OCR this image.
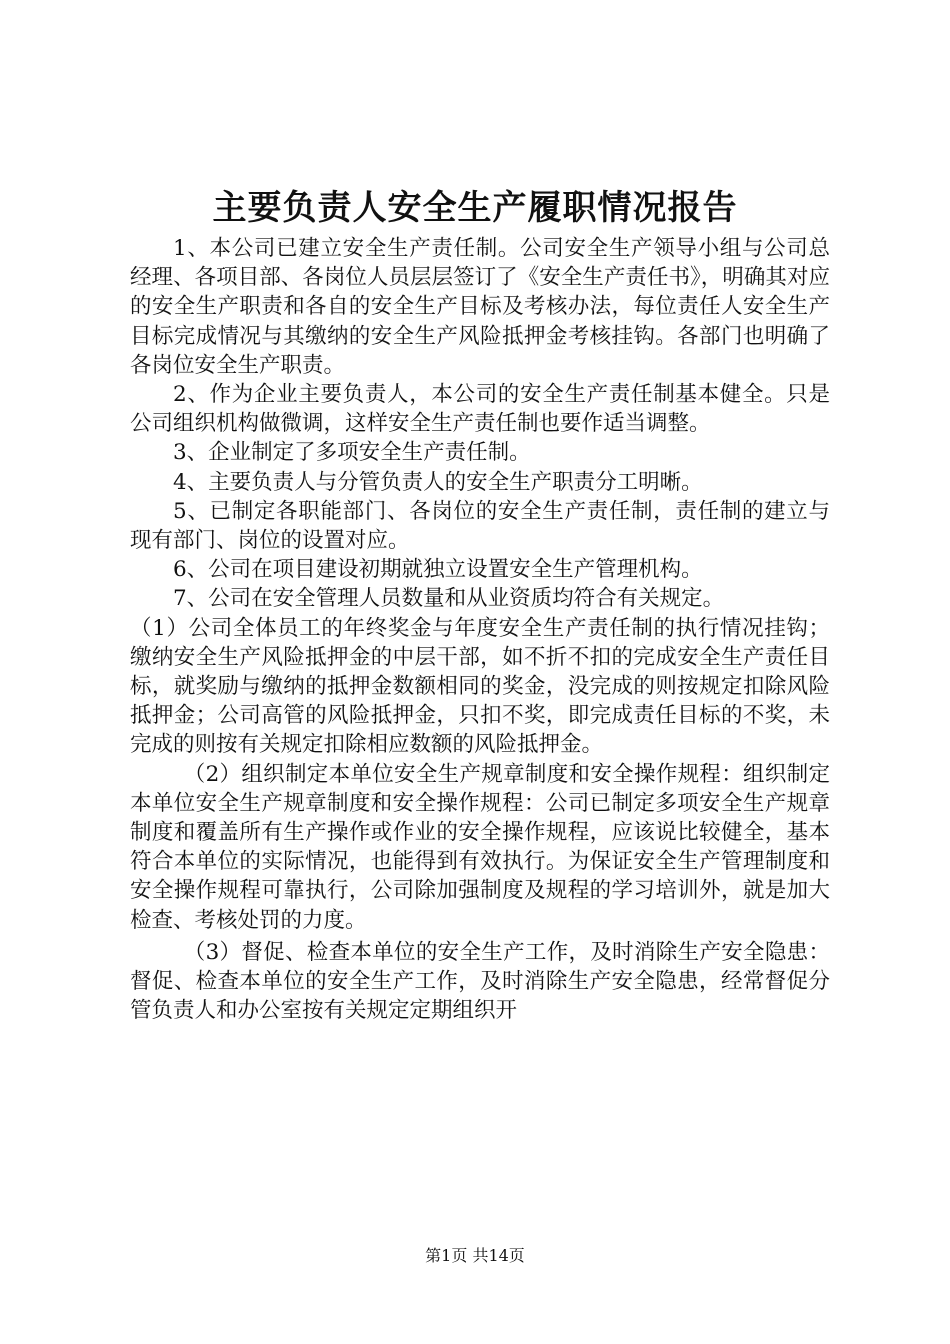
主要负责人安全生产履职情况报告

1、本公司已建立安全生产责任制。公司安全生产领导小组与公司总经理、各项目部、各岗位人员层层签订了《安全生产责任书》，明确其对应的安全生产职责和各自的安全生产目标及考核办法，每位责任人安全生产目标完成情况与其缴纳的安全生产风险抵押金考核挂钩。各部门也明确了各岗位安全生产职责。

2、作为企业主要负责人，本公司的安全生产责任制基本健全。只是公司组织机构做微调，这样安全生产责任制也要作适当调整。

3、企业制定了多项安全生产责任制。

4、主要负责人与分管负责人的安全生产职责分工明晰。

5、已制定各职能部门、各岗位的安全生产责任制，责任制的建立与现有部门、岗位的设置对应。

6、公司在项目建设初期就独立设置安全生产管理机构。

7、公司在安全管理人员数量和从业资质均符合有关规定。

（1）公司全体员工的年终奖金与年度安全生产责任制的执行情况挂钩；缴纳安全生产风险抵押金的中层干部，如不折不扣的完成安全生产责任目标，就奖励与缴纳的抵押金数额相同的奖金，没完成的则按规定扣除风险抵押金；公司高管的风险抵押金，只扣不奖，即完成责任目标的不奖，未完成的则按有关规定扣除相应数额的风险抵押金。

（2）组织制定本单位安全生产规章制度和安全操作规程：组织制定本单位安全生产规章制度和安全操作规程：公司已制定多项安全生产规章制度和覆盖所有生产操作或作业的安全操作规程，应该说比较健全，基本符合本单位的实际情况，也能得到有效执行。为保证安全生产管理制度和安全操作规程可靠执行，公司除加强制度及规程的学习培训外，就是加大检查、考核处罚的力度。

（3）督促、检查本单位的安全生产工作，及时消除生产安全隐患：督促、检查本单位的安全生产工作，及时消除生产安全隐患，经常督促分管负责人和办公室按有关规定定期组织开

第1页 共14页
